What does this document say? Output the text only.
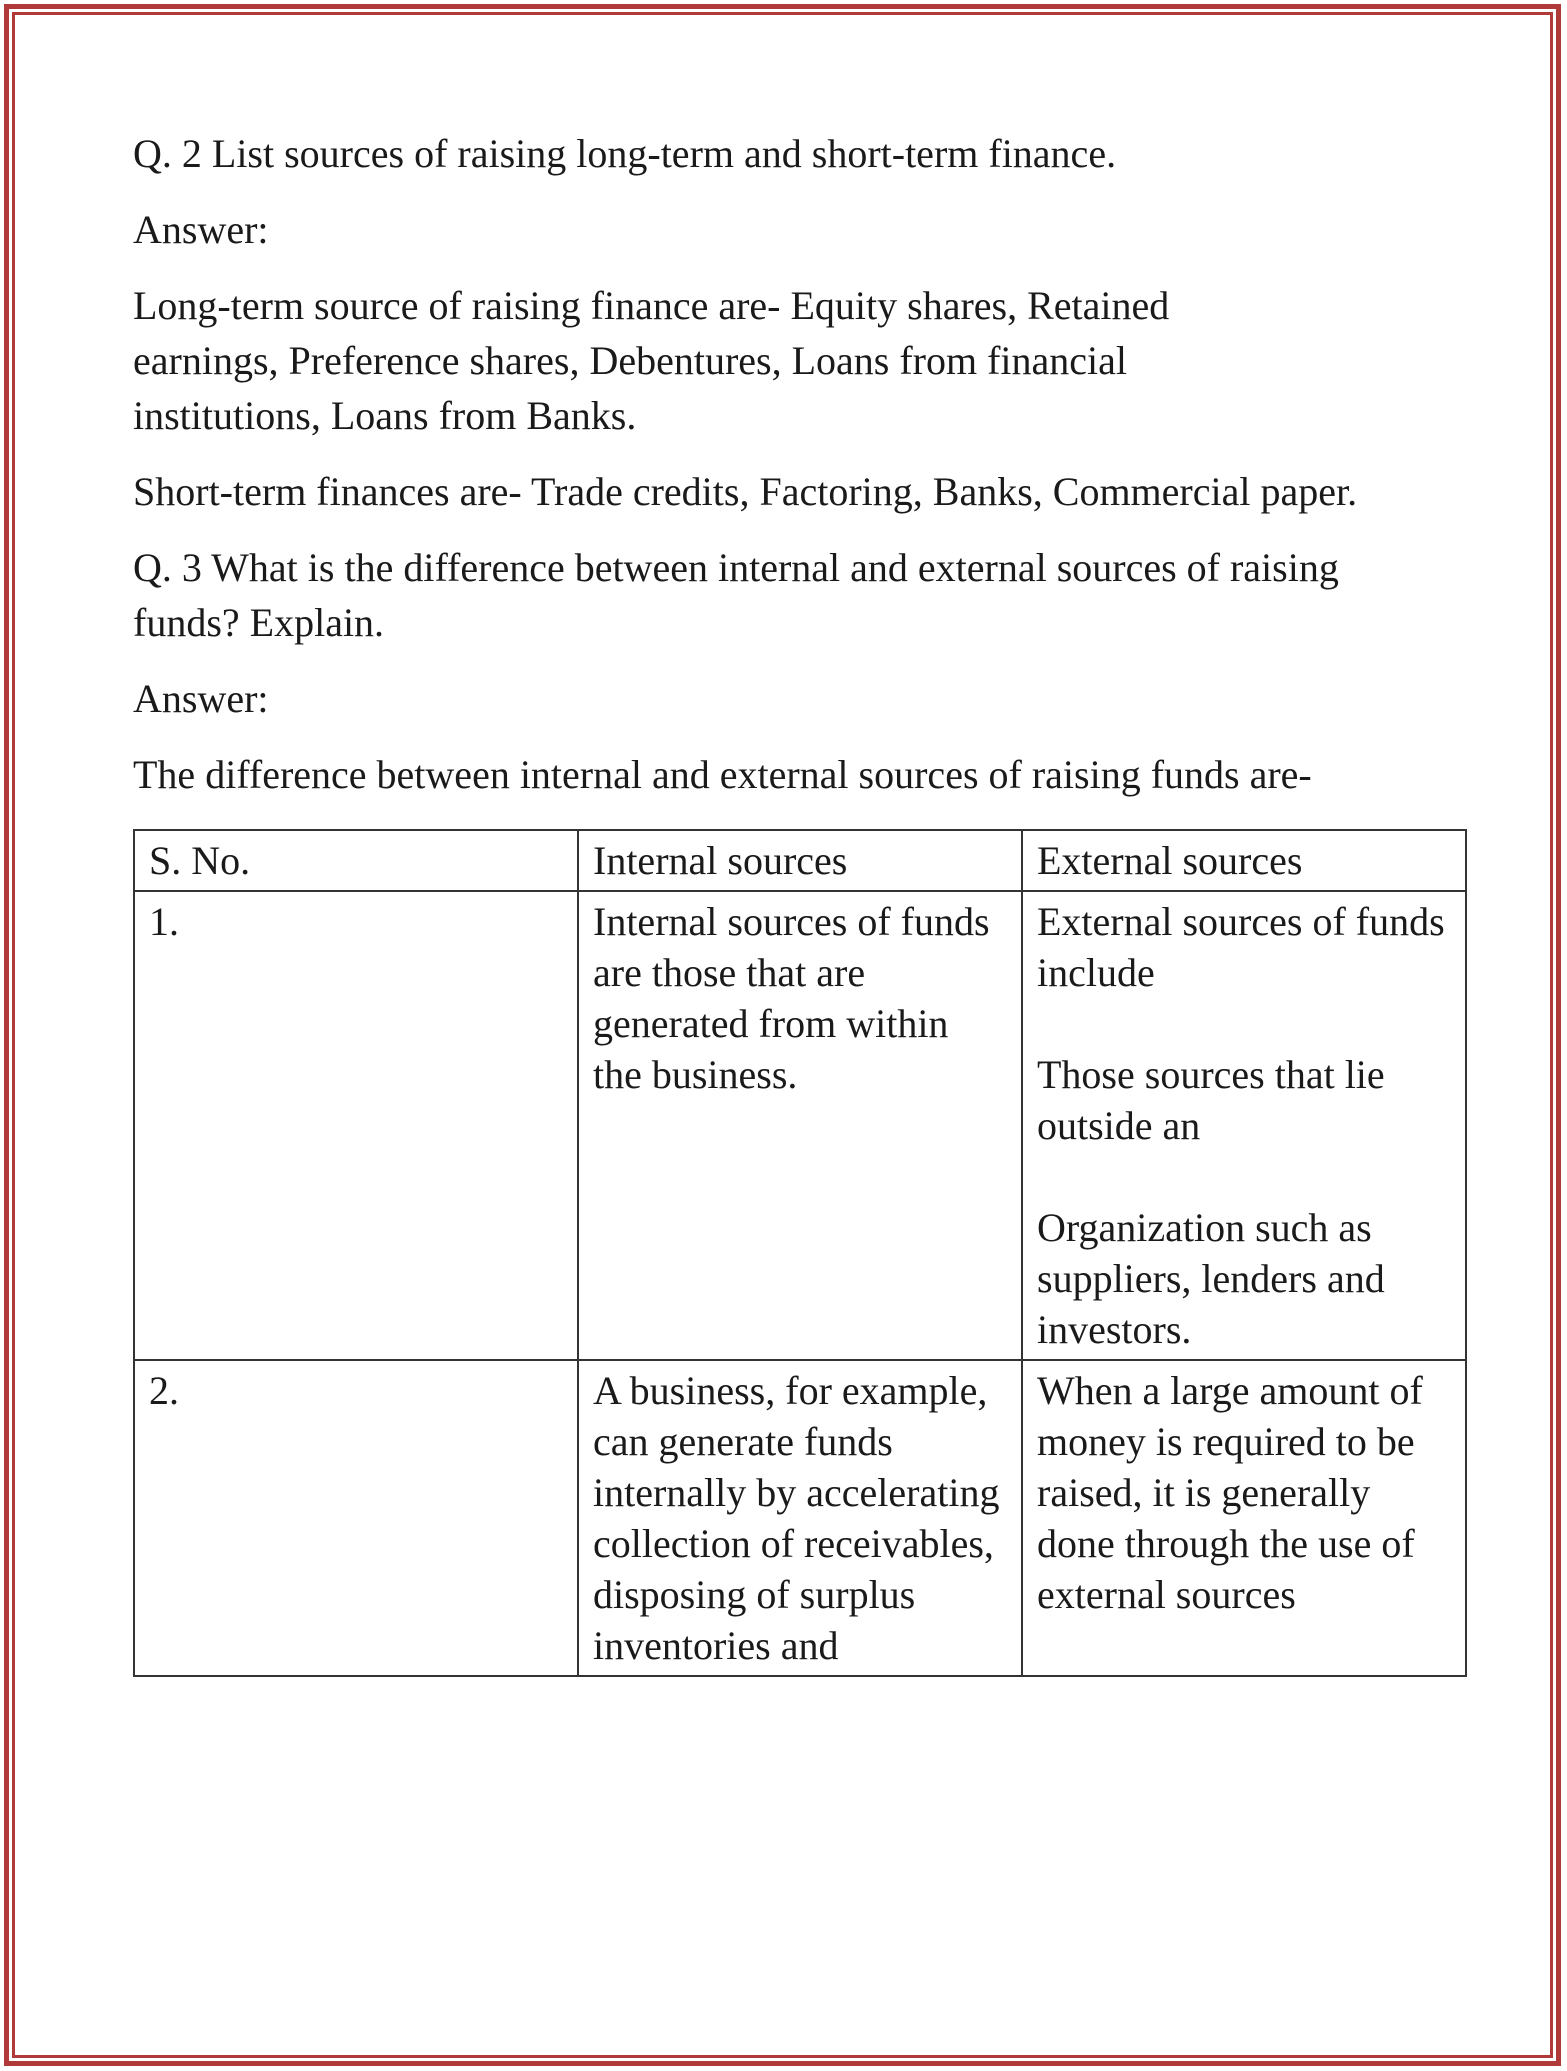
Q. 2 List sources of raising long-term and short-term finance.

Answer:

Long-term source of raising finance are- Equity shares, Retained earnings, Preference shares, Debentures, Loans from financial institutions, Loans from Banks.

Short-term finances are- Trade credits, Factoring, Banks, Commercial paper.

Q. 3 What is the difference between internal and external sources of raising funds? Explain.

Answer:

The difference between internal and external sources of raising funds are-

S. No.	Internal sources	External sources
1.	Internal sources of funds are those that are generated from within the business.	External sources of funds include
Those sources that lie outside an
Organization such as suppliers, lenders and investors.

2.	A business, for example, can generate funds internally by accelerating collection of receivables, disposing of surplus inventories and	When a large amount of money is required to be raised, it is generally done through the use of external sources
